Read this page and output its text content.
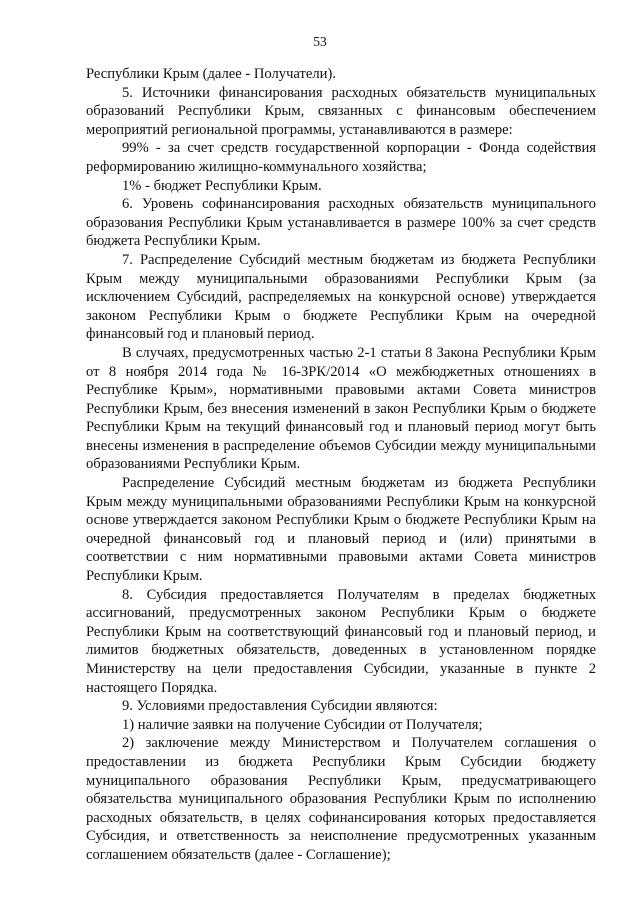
53

Республики Крым (далее - Получатели).

5. Источники финансирования расходных обязательств муниципальных образований Республики Крым, связанных с финансовым обеспечением мероприятий региональной программы, устанавливаются в размере:

99% - за счет средств государственной корпорации - Фонда содействия реформированию жилищно-коммунального хозяйства;

1% - бюджет Республики Крым.

6. Уровень софинансирования расходных обязательств муниципального образования Республики Крым устанавливается в размере 100% за счет средств бюджета Республики Крым.

7. Распределение Субсидий местным бюджетам из бюджета Республики Крым между муниципальными образованиями Республики Крым (за исключением Субсидий, распределяемых на конкурсной основе) утверждается законом Республики Крым о бюджете Республики Крым на очередной финансовый год и плановый период.

В случаях, предусмотренных частью 2-1 статьи 8 Закона Республики Крым от 8 ноября 2014 года № 16-ЗРК/2014 «О межбюджетных отношениях в Республике Крым», нормативными правовыми актами Совета министров Республики Крым, без внесения изменений в закон Республики Крым о бюджете Республики Крым на текущий финансовый год и плановый период могут быть внесены изменения в распределение объемов Субсидии между муниципальными образованиями Республики Крым.

Распределение Субсидий местным бюджетам из бюджета Республики Крым между муниципальными образованиями Республики Крым на конкурсной основе утверждается законом Республики Крым о бюджете Республики Крым на очередной финансовый год и плановый период и (или) принятыми в соответствии с ним нормативными правовыми актами Совета министров Республики Крым.

8. Субсидия предоставляется Получателям в пределах бюджетных ассигнований, предусмотренных законом Республики Крым о бюджете Республики Крым на соответствующий финансовый год и плановый период, и лимитов бюджетных обязательств, доведенных в установленном порядке Министерству на цели предоставления Субсидии, указанные в пункте 2 настоящего Порядка.

9. Условиями предоставления Субсидии являются:

1) наличие заявки на получение Субсидии от Получателя;

2) заключение между Министерством и Получателем соглашения о предоставлении из бюджета Республики Крым Субсидии бюджету муниципального образования Республики Крым, предусматривающего обязательства муниципального образования Республики Крым по исполнению расходных обязательств, в целях софинансирования которых предоставляется Субсидия, и ответственность за неисполнение предусмотренных указанным соглашением обязательств (далее - Соглашение);
